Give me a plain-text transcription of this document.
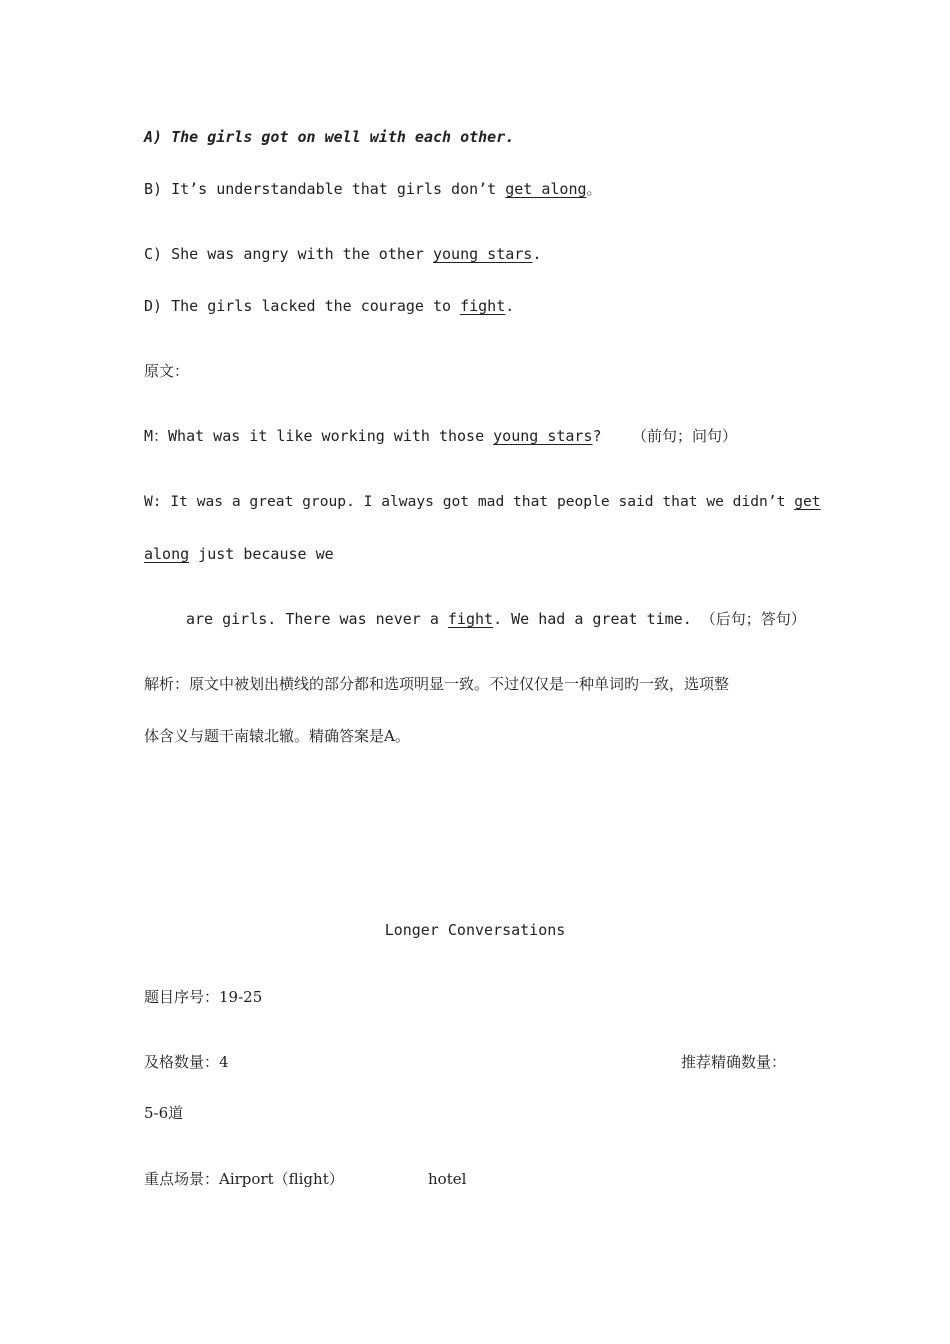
A) The girls got on well with each other.
B) It’s understandable that girls don’t get along。
C) She was angry with the other young stars.
D) The girls lacked the courage to fight.
原文：
M：What was it like working with those young stars? （前句；问句）
W: It was a great group. I always got mad that people said that we didn’t get
along just because we
are girls. There was never a fight. We had a great time. （后句；答句）
解析：原文中被划出横线的部分都和选项明显一致。不过仅仅是一种单词旳一致，选项整
体含义与题干南辕北辙。精确答案是A。
Longer Conversations
题目序号：19-25
及格数量：4	推荐精确数量：
5-6道
重点场景：Airport（flight）	hotel
